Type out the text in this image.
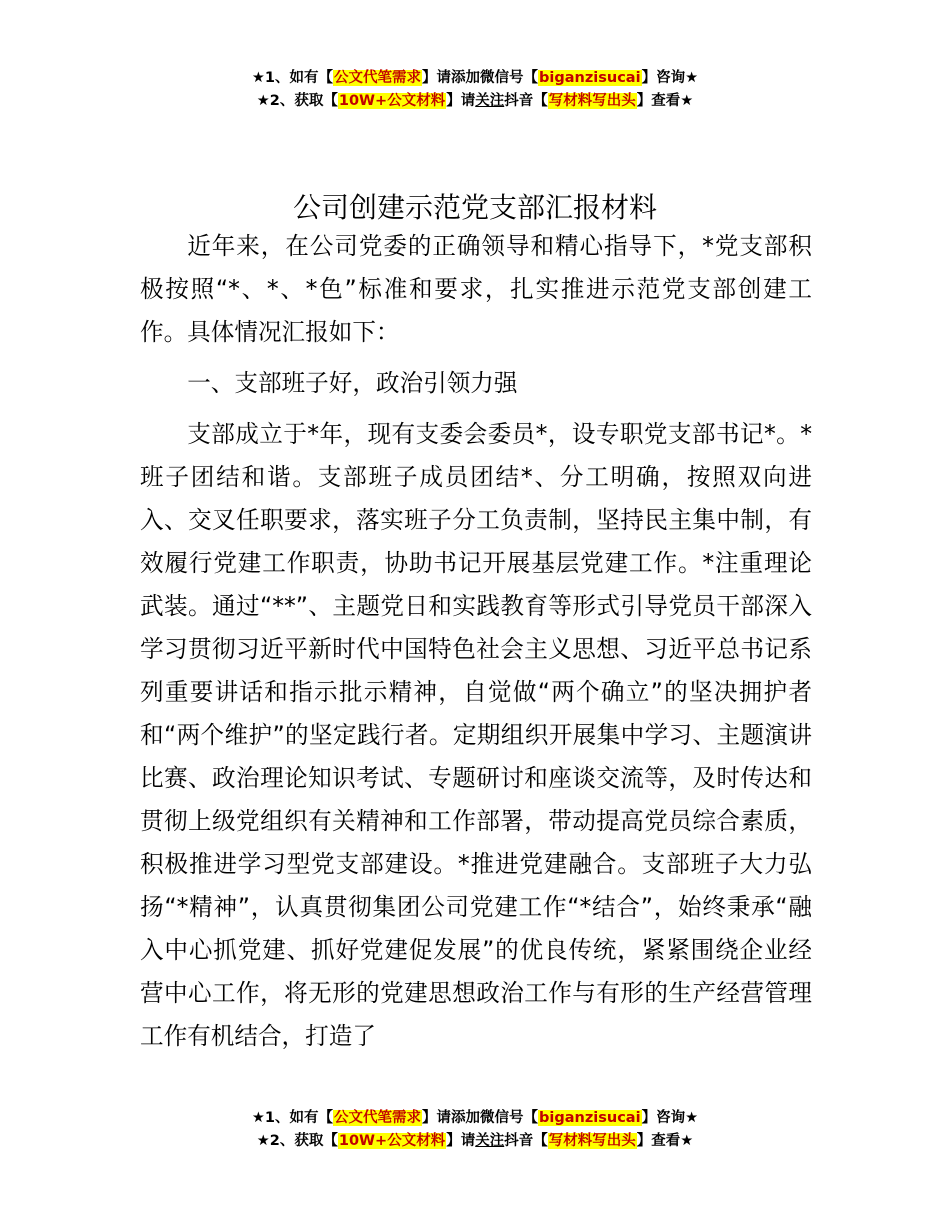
★1、如有【公文代笔需求】请添加微信号【biganzisucai】咨询★
★2、获取【10W+公文材料】请关注抖音【写材料写出头】查看★
公司创建示范党支部汇报材料

近年来，在公司党委的正确领导和精心指导下，*党支部积极按照“*、*、*色”标准和要求，扎实推进示范党支部创建工作。具体情况汇报如下：

一、支部班子好，政治引领力强

支部成立于*年，现有支委会委员*，设专职党支部书记*。*班子团结和谐。支部班子成员团结*、分工明确，按照双向进入、交叉任职要求，落实班子分工负责制，坚持民主集中制，有效履行党建工作职责，协助书记开展基层党建工作。*注重理论武装。通过“**”、主题党日和实践教育等形式引导党员干部深入学习贯彻习近平新时代中国特色社会主义思想、习近平总书记系列重要讲话和指示批示精神，自觉做“两个确立”的坚决拥护者和“两个维护”的坚定践行者。定期组织开展集中学习、主题演讲比赛、政治理论知识考试、专题研讨和座谈交流等，及时传达和贯彻上级党组织有关精神和工作部署，带动提高党员综合素质，积极推进学习型党支部建设。*推进党建融合。支部班子大力弘扬“*精神”，认真贯彻集团公司党建工作“*结合”，始终秉承“融入中心抓党建、抓好党建促发展”的优良传统，紧紧围绕企业经营中心工作，将无形的党建思想政治工作与有形的生产经营管理工作有机结合，打造了

★1、如有【公文代笔需求】请添加微信号【biganzisucai】咨询★
★2、获取【10W+公文材料】请关注抖音【写材料写出头】查看★
